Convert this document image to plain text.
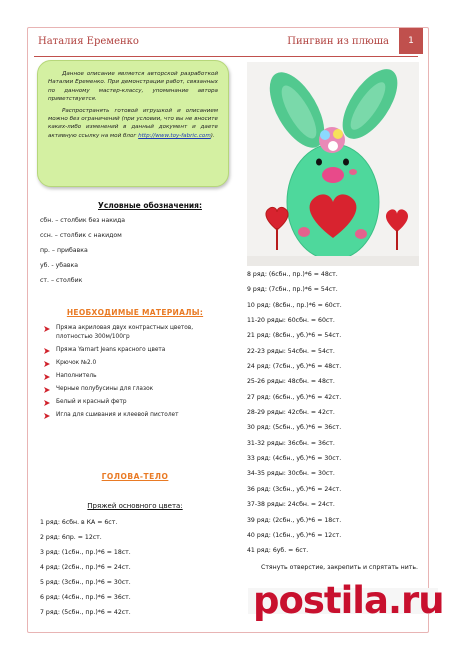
Наталия Еременко	Пингвин из плюша	1

Данное описание является авторской разработкой Наталии Еременко. При демонстрации работ, связанных по данному мастер-классу, упоминание автора приветствуется.

Распространять готовой игрушкой и описанием можно без ограничений (при условии, что вы не вносите каких-либо изменений в данный документ и даете активную ссылку на мой блог http://www.toy-fabric.com).

Условные обозначения:
сбн. – столбик без накида
ссн. – столбик с накидом
пр. – прибавка
уб. - убавка
ст. – столбик
НЕОБХОДИМЫЕ МАТЕРИАЛЫ:
Пряжа акриловая двух контрастных цветов, плотностью 300м/100гр
Пряжа Yarnart Jeans красного цвета
Крючок №2.0
Наполнитель
Черные полубусины для глазок
Белый и красный фетр
Игла для сшивания и клеевой пистолет
ГОЛОВА-ТЕЛО
Пряжей основного цвета:
1 ряд: 6сбн. в КА = 6ст.
2 ряд: 6пр. = 12ст.
3 ряд: (1сбн., пр.)*6 = 18ст.
4 ряд: (2сбн., пр.)*6 = 24ст.
5 ряд: (3сбн., пр.)*6 = 30ст.
6 ряд: (4сбн., пр.)*6 = 36ст.
7 ряд: (5сбн., пр.)*6 = 42ст.
8 ряд: (6сбн., пр.)*6 = 48ст.
9 ряд: (7сбн., пр.)*6 = 54ст.
10 ряд: (8сбн., пр.)*6 = 60ст.
11-20 ряды: 60сбн. = 60ст.
21 ряд: (8сбн., уб.)*6 = 54ст.
22-23 ряды: 54сбн. = 54ст.
24 ряд: (7сбн., уб.)*6 = 48ст.
25-26 ряды: 48сбн. = 48ст.
27 ряд: (6сбн., уб.)*6 = 42ст.
28-29 ряды: 42сбн. = 42ст.
30 ряд: (5сбн., уб.)*6 = 36ст.
31-32 ряды: 36сбн. = 36ст.
33 ряд: (4сбн., уб.)*6 = 30ст.
34-35 ряды: 30сбн. = 30ст.
36 ряд: (3сбн., уб.)*6 = 24ст.
37-38 ряды: 24сбн. = 24ст.
39 ряд: (2сбн., уб.)*6 = 18ст.
40 ряд: (1сбн., уб.)*6 = 12ст.
41 ряд: 6уб. = 6ст.
Стянуть отверстие, закрепить и спрятать нить.
postila.ru
